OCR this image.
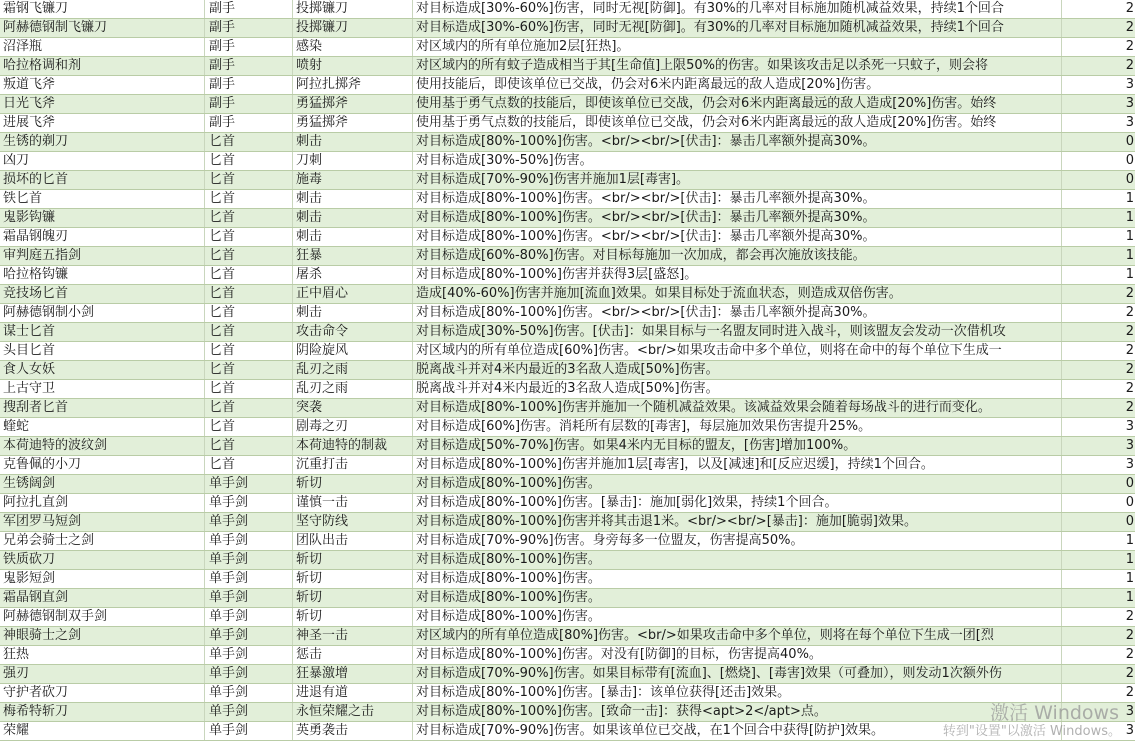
霜钢飞镰刀	副手	投掷镰刀	对目标造成[30%-60%]伤害，同时无视[防御]。有30%的几率对目标施加随机减益效果，持续1个回合	2
阿赫德钢制飞镰刀	副手	投掷镰刀	对目标造成[30%-60%]伤害，同时无视[防御]。有30%的几率对目标施加随机减益效果，持续1个回合	2
沼泽瓶	副手	感染	对区域内的所有单位施加2层[狂热]。	2
哈拉格调和剂	副手	喷射	对区域内的所有蚊子造成相当于其[生命值]上限50%的伤害。如果该攻击足以杀死一只蚊子，则会将	2
叛道飞斧	副手	阿拉扎掷斧	使用技能后，即使该单位已交战，仍会对6米内距离最远的敌人造成[20%]伤害。	3
日光飞斧	副手	勇猛掷斧	使用基于勇气点数的技能后，即使该单位已交战，仍会对6米内距离最远的敌人造成[20%]伤害。始终	3
进展飞斧	副手	勇猛掷斧	使用基于勇气点数的技能后，即使该单位已交战，仍会对6米内距离最远的敌人造成[20%]伤害。始终	3
生锈的剃刀	匕首	刺击	对目标造成[80%-100%]伤害。<br/><br/>[伏击]：暴击几率额外提高30%。	0
凶刀	匕首	刀刺	对目标造成[30%-50%]伤害。	0
损坏的匕首	匕首	施毒	对目标造成[70%-90%]伤害并施加1层[毒害]。	0
铁匕首	匕首	刺击	对目标造成[80%-100%]伤害。<br/><br/>[伏击]：暴击几率额外提高30%。	1
鬼影钩镰	匕首	刺击	对目标造成[80%-100%]伤害。<br/><br/>[伏击]：暴击几率额外提高30%。	1
霜晶钢魄刃	匕首	刺击	对目标造成[80%-100%]伤害。<br/><br/>[伏击]：暴击几率额外提高30%。	1
审判庭五指剑	匕首	狂暴	对目标造成[60%-80%]伤害。对目标每施加一次加成，都会再次施放该技能。	1
哈拉格钩镰	匕首	屠杀	对目标造成[80%-100%]伤害并获得3层[盛怒]。	1
竞技场匕首	匕首	正中眉心	造成[40%-60%]伤害并施加[流血]效果。如果目标处于流血状态，则造成双倍伤害。	2
阿赫德钢制小剑	匕首	刺击	对目标造成[80%-100%]伤害。<br/><br/>[伏击]：暴击几率额外提高30%。	2
谋士匕首	匕首	攻击命令	对目标造成[30%-50%]伤害。[伏击]：如果目标与一名盟友同时进入战斗，则该盟友会发动一次借机攻	2
头目匕首	匕首	阴险旋风	对区域内的所有单位造成[60%]伤害。<br/>如果攻击命中多个单位，则将在命中的每个单位下生成一	2
食人女妖	匕首	乱刃之雨	脱离战斗并对4米内最近的3名敌人造成[50%]伤害。	2
上古守卫	匕首	乱刃之雨	脱离战斗并对4米内最近的3名敌人造成[50%]伤害。	2
搜刮者匕首	匕首	突袭	对目标造成[80%-100%]伤害并施加一个随机减益效果。该减益效果会随着每场战斗的进行而变化。	2
蝰蛇	匕首	剧毒之刃	对目标造成[60%]伤害。消耗所有层数的[毒害]，每层施加效果伤害提升25%。	3
本荷迪特的波纹剑	匕首	本荷迪特的制裁	对目标造成[50%-70%]伤害。如果4米内无目标的盟友，[伤害]增加100%。	3
克鲁佩的小刀	匕首	沉重打击	对目标造成[80%-100%]伤害并施加1层[毒害]，以及[减速]和[反应迟缓]，持续1个回合。	3
生锈阔剑	单手剑	斩切	对目标造成[80%-100%]伤害。	0
阿拉扎直剑	单手剑	谨慎一击	对目标造成[80%-100%]伤害。[暴击]：施加[弱化]效果，持续1个回合。	0
军团罗马短剑	单手剑	坚守防线	对目标造成[80%-100%]伤害并将其击退1米。<br/><br/>[暴击]：施加[脆弱]效果。	0
兄弟会骑士之剑	单手剑	团队出击	对目标造成[70%-90%]伤害。身旁每多一位盟友，伤害提高50%。	1
铁质砍刀	单手剑	斩切	对目标造成[80%-100%]伤害。	1
鬼影短剑	单手剑	斩切	对目标造成[80%-100%]伤害。	1
霜晶钢直剑	单手剑	斩切	对目标造成[80%-100%]伤害。	1
阿赫德钢制双手剑	单手剑	斩切	对目标造成[80%-100%]伤害。	2
神眼骑士之剑	单手剑	神圣一击	对区域内的所有单位造成[80%]伤害。<br/>如果攻击命中多个单位，则将在每个单位下生成一团[烈	2
狂热	单手剑	惩击	对目标造成[80%-100%]伤害。对没有[防御]的目标，伤害提高40%。	2
强刃	单手剑	狂暴激增	对目标造成[70%-90%]伤害。如果目标带有[流血]、[燃烧]、[毒害]效果（可叠加），则发动1次额外伤	2
守护者砍刀	单手剑	进退有道	对目标造成[80%-100%]伤害。[暴击]：该单位获得[还击]效果。	2
梅希特斩刀	单手剑	永恒荣耀之击	对目标造成[80%-100%]伤害。[致命一击]：获得<apt>2</apt>点。	3
荣耀	单手剑	英勇袭击	对目标造成[70%-90%]伤害。如果该单位已交战，在1个回合中获得[防护]效果。	3
激活 Windows
转到"设置"以激活 Windows。
